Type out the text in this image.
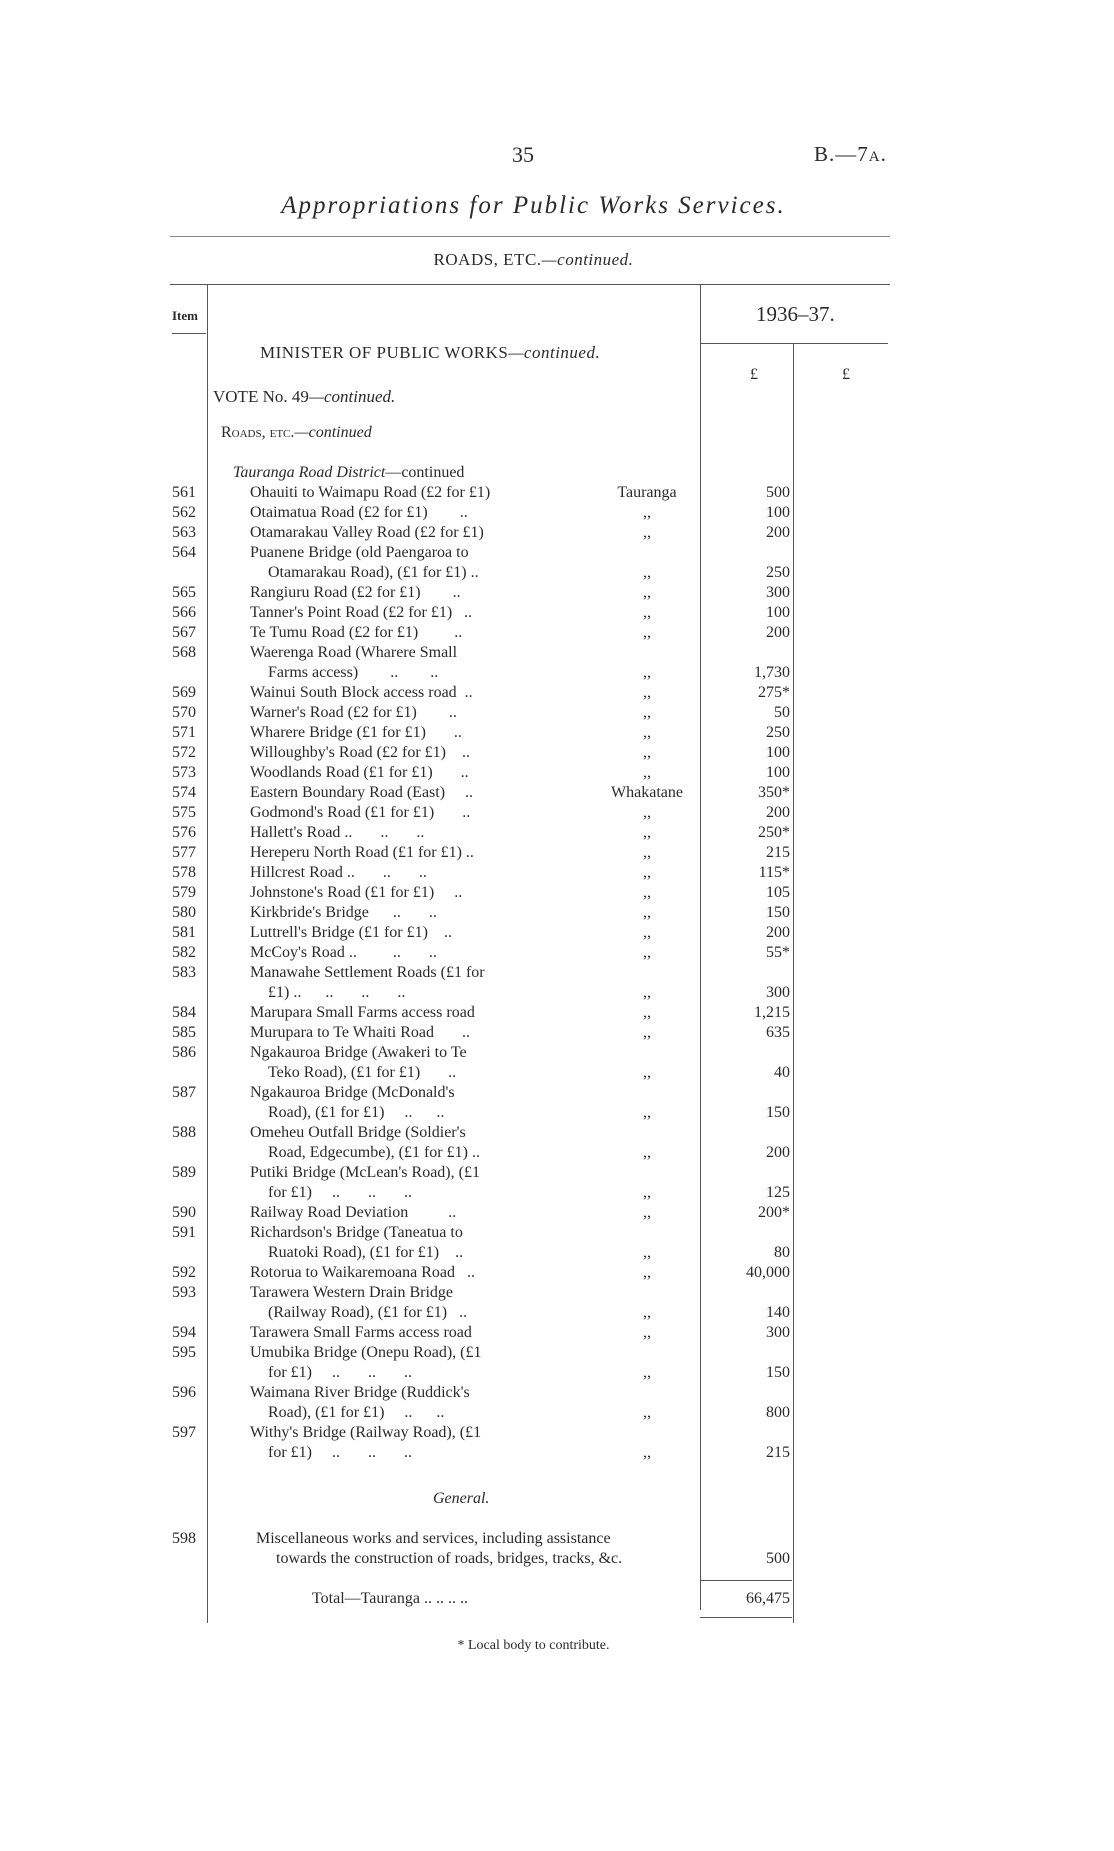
35	B.—7A.
Appropriations for Public Works Services.
ROADS, ETC.—continued.
Item	1936–37.
£	£
MINISTER OF PUBLIC WORKS—continued.
VOTE No. 49—continued.
Roads, etc.—continued
Tauranga Road District—continued
561	Ohauiti to Waimapu Road (£2 for £1)	Tauranga	500
562	Otaimatua Road (£2 for £1)        ..	,,	100
563	Otamarakau Valley Road (£2 for £1)	,,	200
564	Puanene Bridge (old Paengaroa to
Otamarakau Road), (£1 for £1) ..	,,	250
565	Rangiuru Road (£2 for £1)        ..	,,	300
566	Tanner's Point Road (£2 for £1)   ..	,,	100
567	Te Tumu Road (£2 for £1)         ..	,,	200
568	Waerenga Road (Wharere Small
Farms access)        ..        ..	,,	1,730
569	Wainui South Block access road  ..	,,	275*
570	Warner's Road (£2 for £1)        ..	,,	50
571	Wharere Bridge (£1 for £1)       ..	,,	250
572	Willoughby's Road (£2 for £1)    ..	,,	100
573	Woodlands Road (£1 for £1)       ..	,,	100
574	Eastern Boundary Road (East)     ..	Whakatane	350*
575	Godmond's Road (£1 for £1)       ..	,,	200
576	Hallett's Road ..       ..       ..	,,	250*
577	Hereperu North Road (£1 for £1) ..	,,	215
578	Hillcrest Road ..       ..       ..	,,	115*
579	Johnstone's Road (£1 for £1)     ..	,,	105
580	Kirkbride's Bridge      ..       ..	,,	150
581	Luttrell's Bridge (£1 for £1)    ..	,,	200
582	McCoy's Road ..         ..       ..	,,	55*
583	Manawahe Settlement Roads (£1 for
£1) ..      ..       ..       ..	,,	300
584	Marupara Small Farms access road	,,	1,215
585	Murupara to Te Whaiti Road       ..	,,	635
586	Ngakauroa Bridge (Awakeri to Te
Teko Road), (£1 for £1)       ..	,,	40
587	Ngakauroa Bridge (McDonald's
Road), (£1 for £1)     ..      ..	,,	150
588	Omeheu Outfall Bridge (Soldier's
Road, Edgecumbe), (£1 for £1) ..	,,	200
589	Putiki Bridge (McLean's Road), (£1
for £1)     ..       ..       ..	,,	125
590	Railway Road Deviation          ..	,,	200*
591	Richardson's Bridge (Taneatua to
Ruatoki Road), (£1 for £1)    ..	,,	80
592	Rotorua to Waikaremoana Road   ..	,,	40,000
593	Tarawera Western Drain Bridge
(Railway Road), (£1 for £1)   ..	,,	140
594	Tarawera Small Farms access road	,,	300
595	Umubika Bridge (Onepu Road), (£1
for £1)     ..       ..       ..	,,	150
596	Waimana River Bridge (Ruddick's
Road), (£1 for £1)     ..      ..	,,	800
597	Withy's Bridge (Railway Road), (£1
for £1)     ..       ..       ..	,,	215
General.
598	Miscellaneous works and services, including assistance
towards the construction of roads, bridges, tracks, &c.	500
Total—Tauranga .. .. .. ..	66,475
* Local body to contribute.
